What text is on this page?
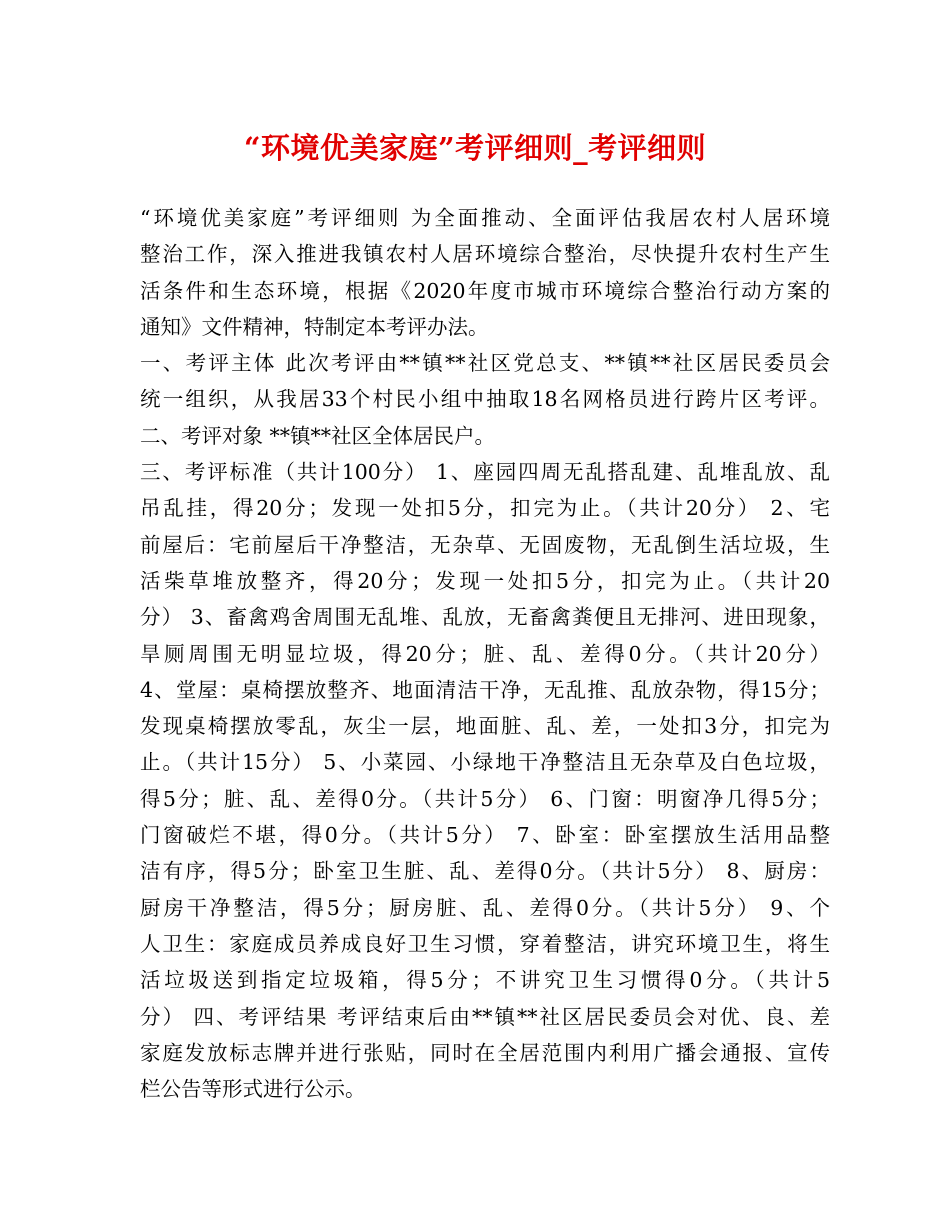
“环境优美家庭”考评细则_考评细则
“环境优美家庭”考评细则 为全面推动、全面评估我居农村人居环境
整治工作，深入推进我镇农村人居环境综合整治，尽快提升农村生产生
活条件和生态环境，根据《2020年度市城市环境综合整治行动方案的
通知》文件精神，特制定本考评办法。
一、考评主体 此次考评由**镇**社区党总支、**镇**社区居民委员会
统一组织，从我居33个村民小组中抽取18名网格员进行跨片区考评。
二、考评对象 **镇**社区全体居民户。
三、考评标准（共计100分） 1、座园四周无乱搭乱建、乱堆乱放、乱
吊乱挂，得20分；发现一处扣5分，扣完为止。（共计20分） 2、宅
前屋后：宅前屋后干净整洁，无杂草、无固废物，无乱倒生活垃圾，生
活柴草堆放整齐，得20分；发现一处扣5分，扣完为止。（共计20
分） 3、畜禽鸡舍周围无乱堆、乱放，无畜禽粪便且无排河、进田现象，
旱厕周围无明显垃圾，得20分；脏、乱、差得0分。（共计20分）
4、堂屋：桌椅摆放整齐、地面清洁干净，无乱推、乱放杂物，得15分；
发现桌椅摆放零乱，灰尘一层，地面脏、乱、差，一处扣3分，扣完为
止。（共计15分） 5、小菜园、小绿地干净整洁且无杂草及白色垃圾，
得5分；脏、乱、差得0分。（共计5分） 6、门窗：明窗净几得5分；
门窗破烂不堪，得0分。（共计5分） 7、卧室：卧室摆放生活用品整
洁有序，得5分；卧室卫生脏、乱、差得0分。（共计5分） 8、厨房：
厨房干净整洁，得5分；厨房脏、乱、差得0分。（共计5分） 9、个
人卫生：家庭成员养成良好卫生习惯，穿着整洁，讲究环境卫生，将生
活垃圾送到指定垃圾箱，得5分；不讲究卫生习惯得0分。（共计5
分） 四、考评结果 考评结束后由**镇**社区居民委员会对优、良、差
家庭发放标志牌并进行张贴，同时在全居范围内利用广播会通报、宣传
栏公告等形式进行公示。
